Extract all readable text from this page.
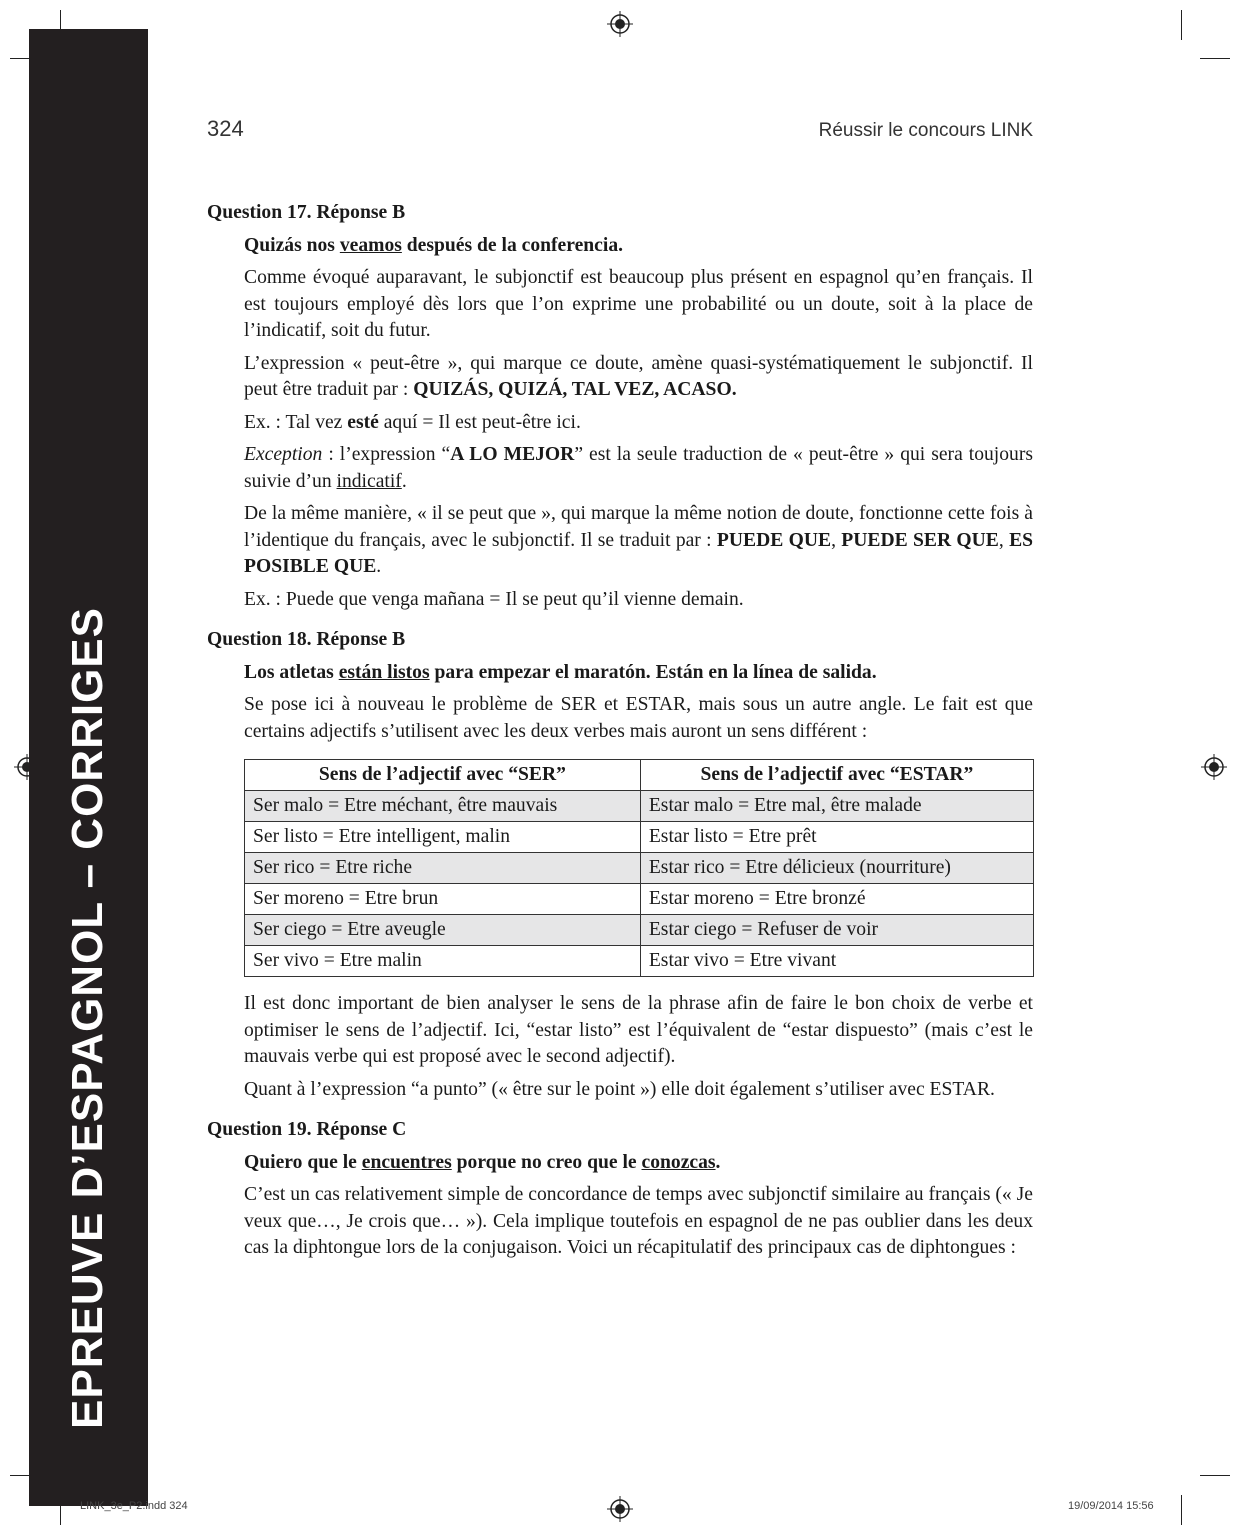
EPREUVE D’ESPAGNOL – CORRIGES
324	Réussir le concours LINK
Question 17. Réponse B

Quizás nos veamos después de la conferencia.

Comme évoqué auparavant, le subjonctif est beaucoup plus présent en espagnol qu’en français. Il est toujours employé dès lors que l’on exprime une probabilité ou un doute, soit à la place de l’indicatif, soit du futur.

L’expression « peut-être », qui marque ce doute, amène quasi-systématiquement le subjonctif. Il peut être traduit par : QUIZÁS, QUIZÁ, TAL VEZ, ACASO.

Ex. : Tal vez esté aquí = Il est peut-être ici.

Exception : l’expression “A LO MEJOR” est la seule traduction de « peut-être » qui sera toujours suivie d’un indicatif.

De la même manière, « il se peut que », qui marque la même notion de doute, fonctionne cette fois à l’identique du français, avec le subjonctif. Il se traduit par : PUEDE QUE, PUEDE SER QUE, ES POSIBLE QUE.

Ex. : Puede que venga mañana = Il se peut qu’il vienne demain.

Question 18. Réponse B

Los atletas están listos para empezar el maratón. Están en la línea de salida.

Se pose ici à nouveau le problème de SER et ESTAR, mais sous un autre angle. Le fait est que certains adjectifs s’utilisent avec les deux verbes mais auront un sens différent :

Sens de l’adjectif avec “SER”	Sens de l’adjectif avec “ESTAR”
Ser malo = Etre méchant, être mauvais	Estar malo = Etre mal, être malade
Ser listo = Etre intelligent, malin	Estar listo = Etre prêt
Ser rico = Etre riche	Estar rico = Etre délicieux (nourriture)
Ser moreno = Etre brun	Estar moreno = Etre bronzé
Ser ciego = Etre aveugle	Estar ciego = Refuser de voir
Ser vivo = Etre malin	Estar vivo = Etre vivant

Il est donc important de bien analyser le sens de la phrase afin de faire le bon choix de verbe et optimiser le sens de l’adjectif. Ici, “estar listo” est l’équivalent de “estar dispuesto” (mais c’est le mauvais verbe qui est proposé avec le second adjectif).

Quant à l’expression “a punto” (« être sur le point ») elle doit également s’utiliser avec ESTAR.

Question 19. Réponse C

Quiero que le encuentres porque no creo que le conozcas.

C’est un cas relativement simple de concordance de temps avec subjonctif similaire au français (« Je veux que…, Je crois que… »). Cela implique toutefois en espagnol de ne pas oublier dans les deux cas la diphtongue lors de la conjugaison. Voici un récapitulatif des principaux cas de diphtongues :

LINK_3e_P2.indd 324	19/09/2014 15:56
